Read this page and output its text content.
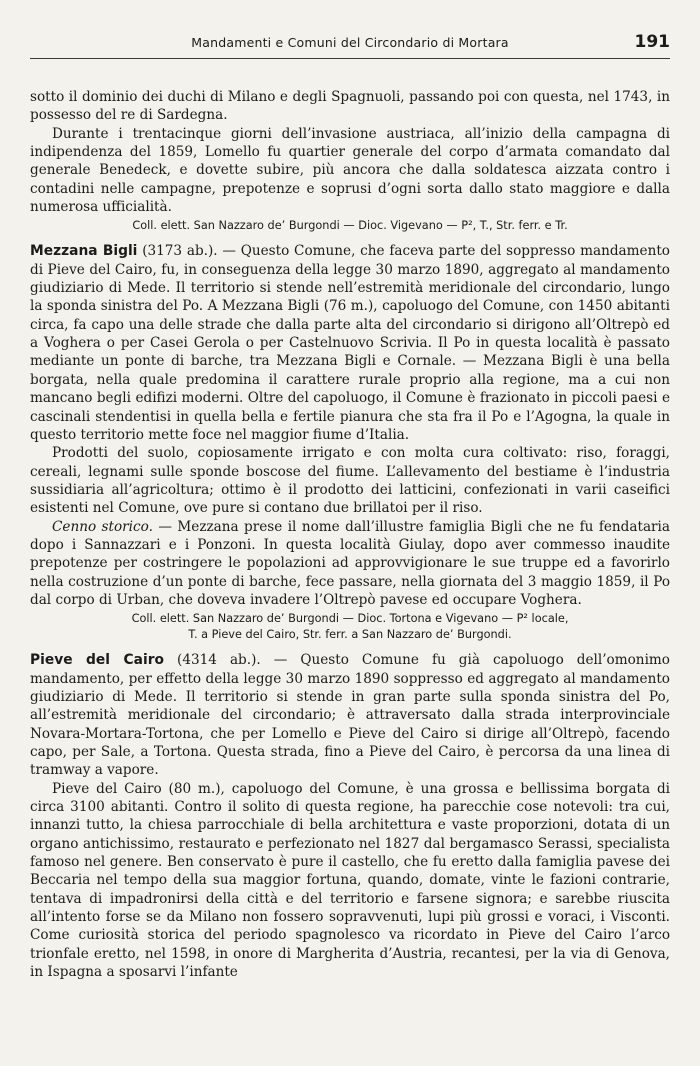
Mandamenti e Comuni del Circondario di Mortara	191

sotto il dominio dei duchi di Milano e degli Spagnuoli, passando poi con questa, nel 1743, in possesso del re di Sardegna.

Durante i trentacinque giorni dell’invasione austriaca, all’inizio della campagna di indipendenza del 1859, Lomello fu quartier generale del corpo d’armata comandato dal generale Benedeck, e dovette subire, più ancora che dalla soldatesca aizzata contro i contadini nelle campagne, prepotenze e soprusi d’ogni sorta dallo stato maggiore e dalla numerosa ufficialità.

Coll. elett. San Nazzaro de’ Burgondi — Dioc. Vigevano — P², T., Str. ferr. e Tr.

Mezzana Bigli (3173 ab.). — Questo Comune, che faceva parte del soppresso mandamento di Pieve del Cairo, fu, in conseguenza della legge 30 marzo 1890, aggregato al mandamento giudiziario di Mede. Il territorio si stende nell’estremità meridionale del circondario, lungo la sponda sinistra del Po. A Mezzana Bigli (76 m.), capoluogo del Comune, con 1450 abitanti circa, fa capo una delle strade che dalla parte alta del circondario si dirigono all’Oltrepò ed a Voghera o per Casei Gerola o per Castelnuovo Scrivia. Il Po in questa località è passato mediante un ponte di barche, tra Mezzana Bigli e Cornale. — Mezzana Bigli è una bella borgata, nella quale predomina il carattere rurale proprio alla regione, ma a cui non mancano begli edifizi moderni. Oltre del capoluogo, il Comune è frazionato in piccoli paesi e cascinali stendentisi in quella bella e fertile pianura che sta fra il Po e l’Agogna, la quale in questo territorio mette foce nel maggior fiume d’Italia.

Prodotti del suolo, copiosamente irrigato e con molta cura coltivato: riso, foraggi, cereali, legnami sulle sponde boscose del fiume. L’allevamento del bestiame è l’industria sussidiaria all’agricoltura; ottimo è il prodotto dei latticini, confezionati in varii caseifici esistenti nel Comune, ove pure si contano due brillatoi per il riso.

Cenno storico. — Mezzana prese il nome dall’illustre famiglia Bigli che ne fu fendataria dopo i Sannazzari e i Ponzoni. In questa località Giulay, dopo aver commesso inaudite prepotenze per costringere le popolazioni ad approvvigionare le sue truppe ed a favorirlo nella costruzione d’un ponte di barche, fece passare, nella giornata del 3 maggio 1859, il Po dal corpo di Urban, che doveva invadere l’Oltrepò pavese ed occupare Voghera.

Coll. elett. San Nazzaro de’ Burgondi — Dioc. Tortona e Vigevano — P² locale,
T. a Pieve del Cairo, Str. ferr. a San Nazzaro de’ Burgondi.

Pieve del Cairo (4314 ab.). — Questo Comune fu già capoluogo dell’omonimo mandamento, per effetto della legge 30 marzo 1890 soppresso ed aggregato al mandamento giudiziario di Mede. Il territorio si stende in gran parte sulla sponda sinistra del Po, all’estremità meridionale del circondario; è attraversato dalla strada interprovinciale Novara-Mortara-Tortona, che per Lomello e Pieve del Cairo si dirige all’Oltrepò, facendo capo, per Sale, a Tortona. Questa strada, fino a Pieve del Cairo, è percorsa da una linea di tramway a vapore.

Pieve del Cairo (80 m.), capoluogo del Comune, è una grossa e bellissima borgata di circa 3100 abitanti. Contro il solito di questa regione, ha parecchie cose notevoli: tra cui, innanzi tutto, la chiesa parrocchiale di bella architettura e vaste proporzioni, dotata di un organo antichissimo, restaurato e perfezionato nel 1827 dal bergamasco Serassi, specialista famoso nel genere. Ben conservato è pure il castello, che fu eretto dalla famiglia pavese dei Beccaria nel tempo della sua maggior fortuna, quando, domate, vinte le fazioni contrarie, tentava di impadronirsi della città e del territorio e farsene signora; e sarebbe riuscita all’intento forse se da Milano non fossero sopravvenuti, lupi più grossi e voraci, i Visconti. Come curiosità storica del periodo spagnolesco va ricordato in Pieve del Cairo l’arco trionfale eretto, nel 1598, in onore di Margherita d’Austria, recantesi, per la via di Genova, in Ispagna a sposarvi l’infante
